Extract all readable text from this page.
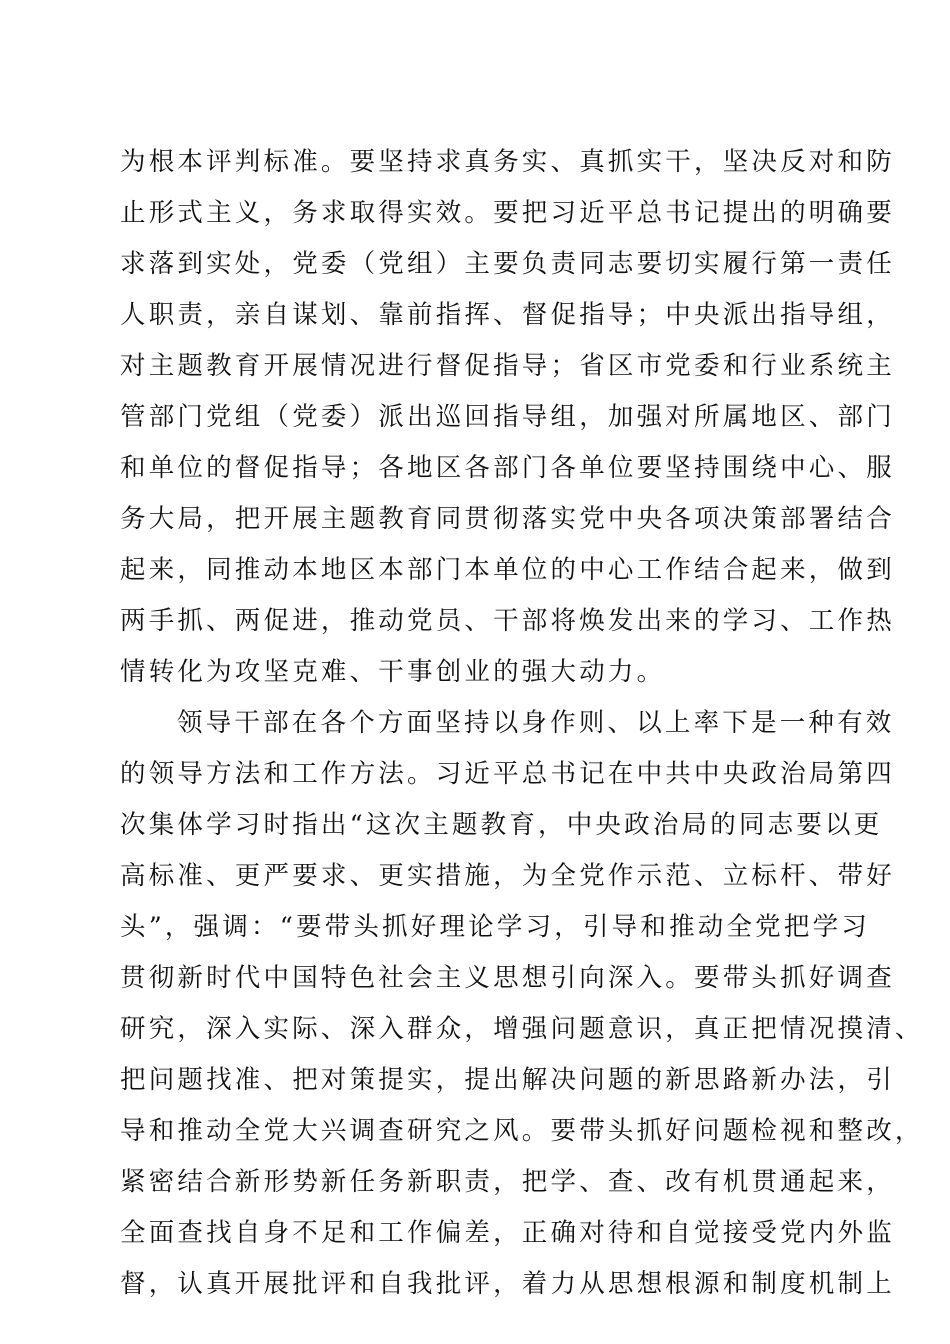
为根本评判标准。要坚持求真务实、真抓实干，坚决反对和防
止形式主义，务求取得实效。要把习近平总书记提出的明确要
求落到实处，党委（党组）主要负责同志要切实履行第一责任
人职责，亲自谋划、靠前指挥、督促指导；中央派出指导组，
对主题教育开展情况进行督促指导；省区市党委和行业系统主
管部门党组（党委）派出巡回指导组，加强对所属地区、部门
和单位的督促指导；各地区各部门各单位要坚持围绕中心、服
务大局，把开展主题教育同贯彻落实党中央各项决策部署结合
起来，同推动本地区本部门本单位的中心工作结合起来，做到
两手抓、两促进，推动党员、干部将焕发出来的学习、工作热
情转化为攻坚克难、干事创业的强大动力。
领导干部在各个方面坚持以身作则、以上率下是一种有效
的领导方法和工作方法。习近平总书记在中共中央政治局第四
次集体学习时指出“这次主题教育，中央政治局的同志要以更
高标准、更严要求、更实措施，为全党作示范、立标杆、带好
头”，强调：“要带头抓好理论学习，引导和推动全党把学习
贯彻新时代中国特色社会主义思想引向深入。要带头抓好调查
研究，深入实际、深入群众，增强问题意识，真正把情况摸清、
把问题找准、把对策提实，提出解决问题的新思路新办法，引
导和推动全党大兴调查研究之风。要带头抓好问题检视和整改，
紧密结合新形势新任务新职责，把学、查、改有机贯通起来，
全面查找自身不足和工作偏差，正确对待和自觉接受党内外监
督，认真开展批评和自我批评，着力从思想根源和制度机制上
